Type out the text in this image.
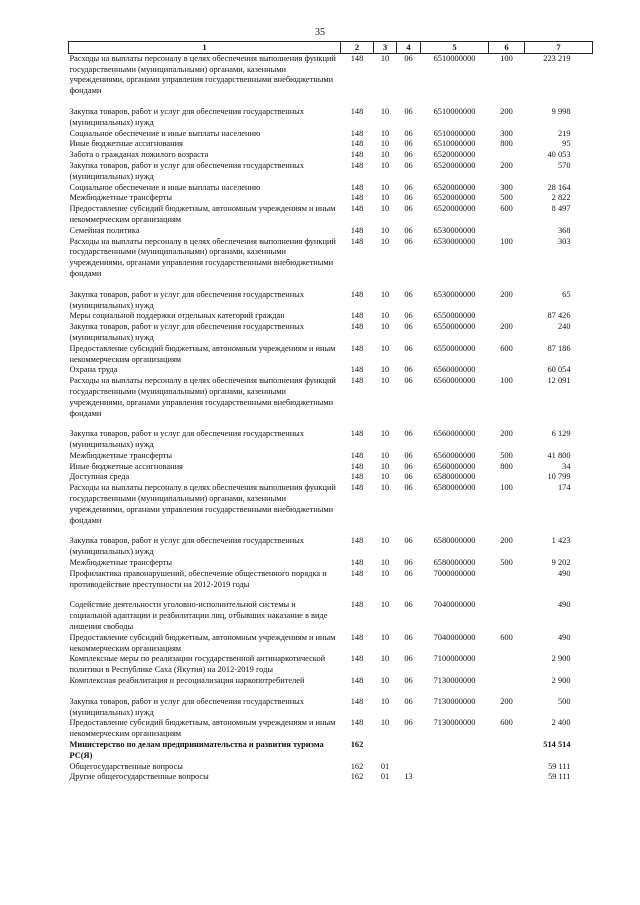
35
1	2	3	4	5	6	7
Расходы на выплаты персоналу в целях обеспечения выполнения функций государственными (муниципальными) органами, казенными учреждениями, органами управления государственными внебюджетными фондами	148	10	06	6510000000	100	223 219

Закупка товаров, работ и услуг для обеспечения государственных (муниципальных) нужд	148	10	06	6510000000	200	9 998
Социальное обеспечение и иные выплаты населению	148	10	06	6510000000	300	219
Иные бюджетные ассигнования	148	10	06	6510000000	800	95
Забота о гражданах пожилого возраста	148	10	06	6520000000		40 053
Закупка товаров, работ и услуг для обеспечения государственных (муниципальных) нужд	148	10	06	6520000000	200	570
Социальное обеспечение и иные выплаты населению	148	10	06	6520000000	300	28 164
Межбюджетные трансферты	148	10	06	6520000000	500	2 822
Предоставление субсидий бюджетным, автономным учреждениям и иным некоммерческим организациям	148	10	06	6520000000	600	8 497
Семейная политика	148	10	06	6530000000		368
Расходы на выплаты персоналу в целях обеспечения выполнения функций государственными (муниципальными) органами, казенными учреждениями, органами управления государственными внебюджетными фондами	148	10	06	6530000000	100	303

Закупка товаров, работ и услуг для обеспечения государственных (муниципальных) нужд	148	10	06	6530000000	200	65
Меры социальной поддержки отдельных категорий граждан	148	10	06	6550000000		87 426
Закупка товаров, работ и услуг для обеспечения государственных (муниципальных) нужд	148	10	06	6550000000	200	240
Предоставление субсидий бюджетным, автономным учреждениям и иным некоммерческим организациям	148	10	06	6550000000	600	87 186
Охрана труда	148	10	06	6560000000		60 054
Расходы на выплаты персоналу в целях обеспечения выполнения функций государственными (муниципальными) органами, казенными учреждениями, органами управления государственными внебюджетными фондами	148	10	06	6560000000	100	12 091

Закупка товаров, работ и услуг для обеспечения государственных (муниципальных) нужд	148	10	06	6560000000	200	6 129
Межбюджетные трансферты	148	10	06	6560000000	500	41 800
Иные бюджетные ассигнования	148	10	06	6560000000	800	34
Доступная среда	148	10	06	6580000000		10 799
Расходы на выплаты персоналу в целях обеспечения выполнения функций государственными (муниципальными) органами, казенными учреждениями, органами управления государственными внебюджетными фондами	148	10	06	6580000000	100	174

Закупка товаров, работ и услуг для обеспечения государственных (муниципальных) нужд	148	10	06	6580000000	200	1 423
Межбюджетные трансферты	148	10	06	6580000000	500	9 202
Профилактика правонарушений, обеспечение общественного порядка и противодействие преступности на 2012-2019 годы	148	10	06	7000000000		490

Содействие деятельности уголовно-исполнительной системы и социальной адаптации и реабилитации лиц, отбывших наказание в виде лишения свободы	148	10	06	7040000000		490
Предоставление субсидий бюджетным, автономным учреждениям и иным некоммерческим организациям	148	10	06	7040000000	600	490
Комплексные меры по реализации государственной антинаркотической политики в Республике Саха (Якутия) на 2012-2019 годы	148	10	06	7100000000		2 900
Комплексная реабилитация и ресоциализация наркопотребителей	148	10	06	7130000000		2 900

Закупка товаров, работ и услуг для обеспечения государственных (муниципальных) нужд	148	10	06	7130000000	200	500
Предоставление субсидий бюджетным, автономным учреждениям и иным некоммерческим организациям	148	10	06	7130000000	600	2 400
Министерство по делам предпринимательства и развития туризма РС(Я)	162					514 514
Общегосударственные вопросы	162	01				59 111
Другие общегосударственные вопросы	162	01	13			59 111
